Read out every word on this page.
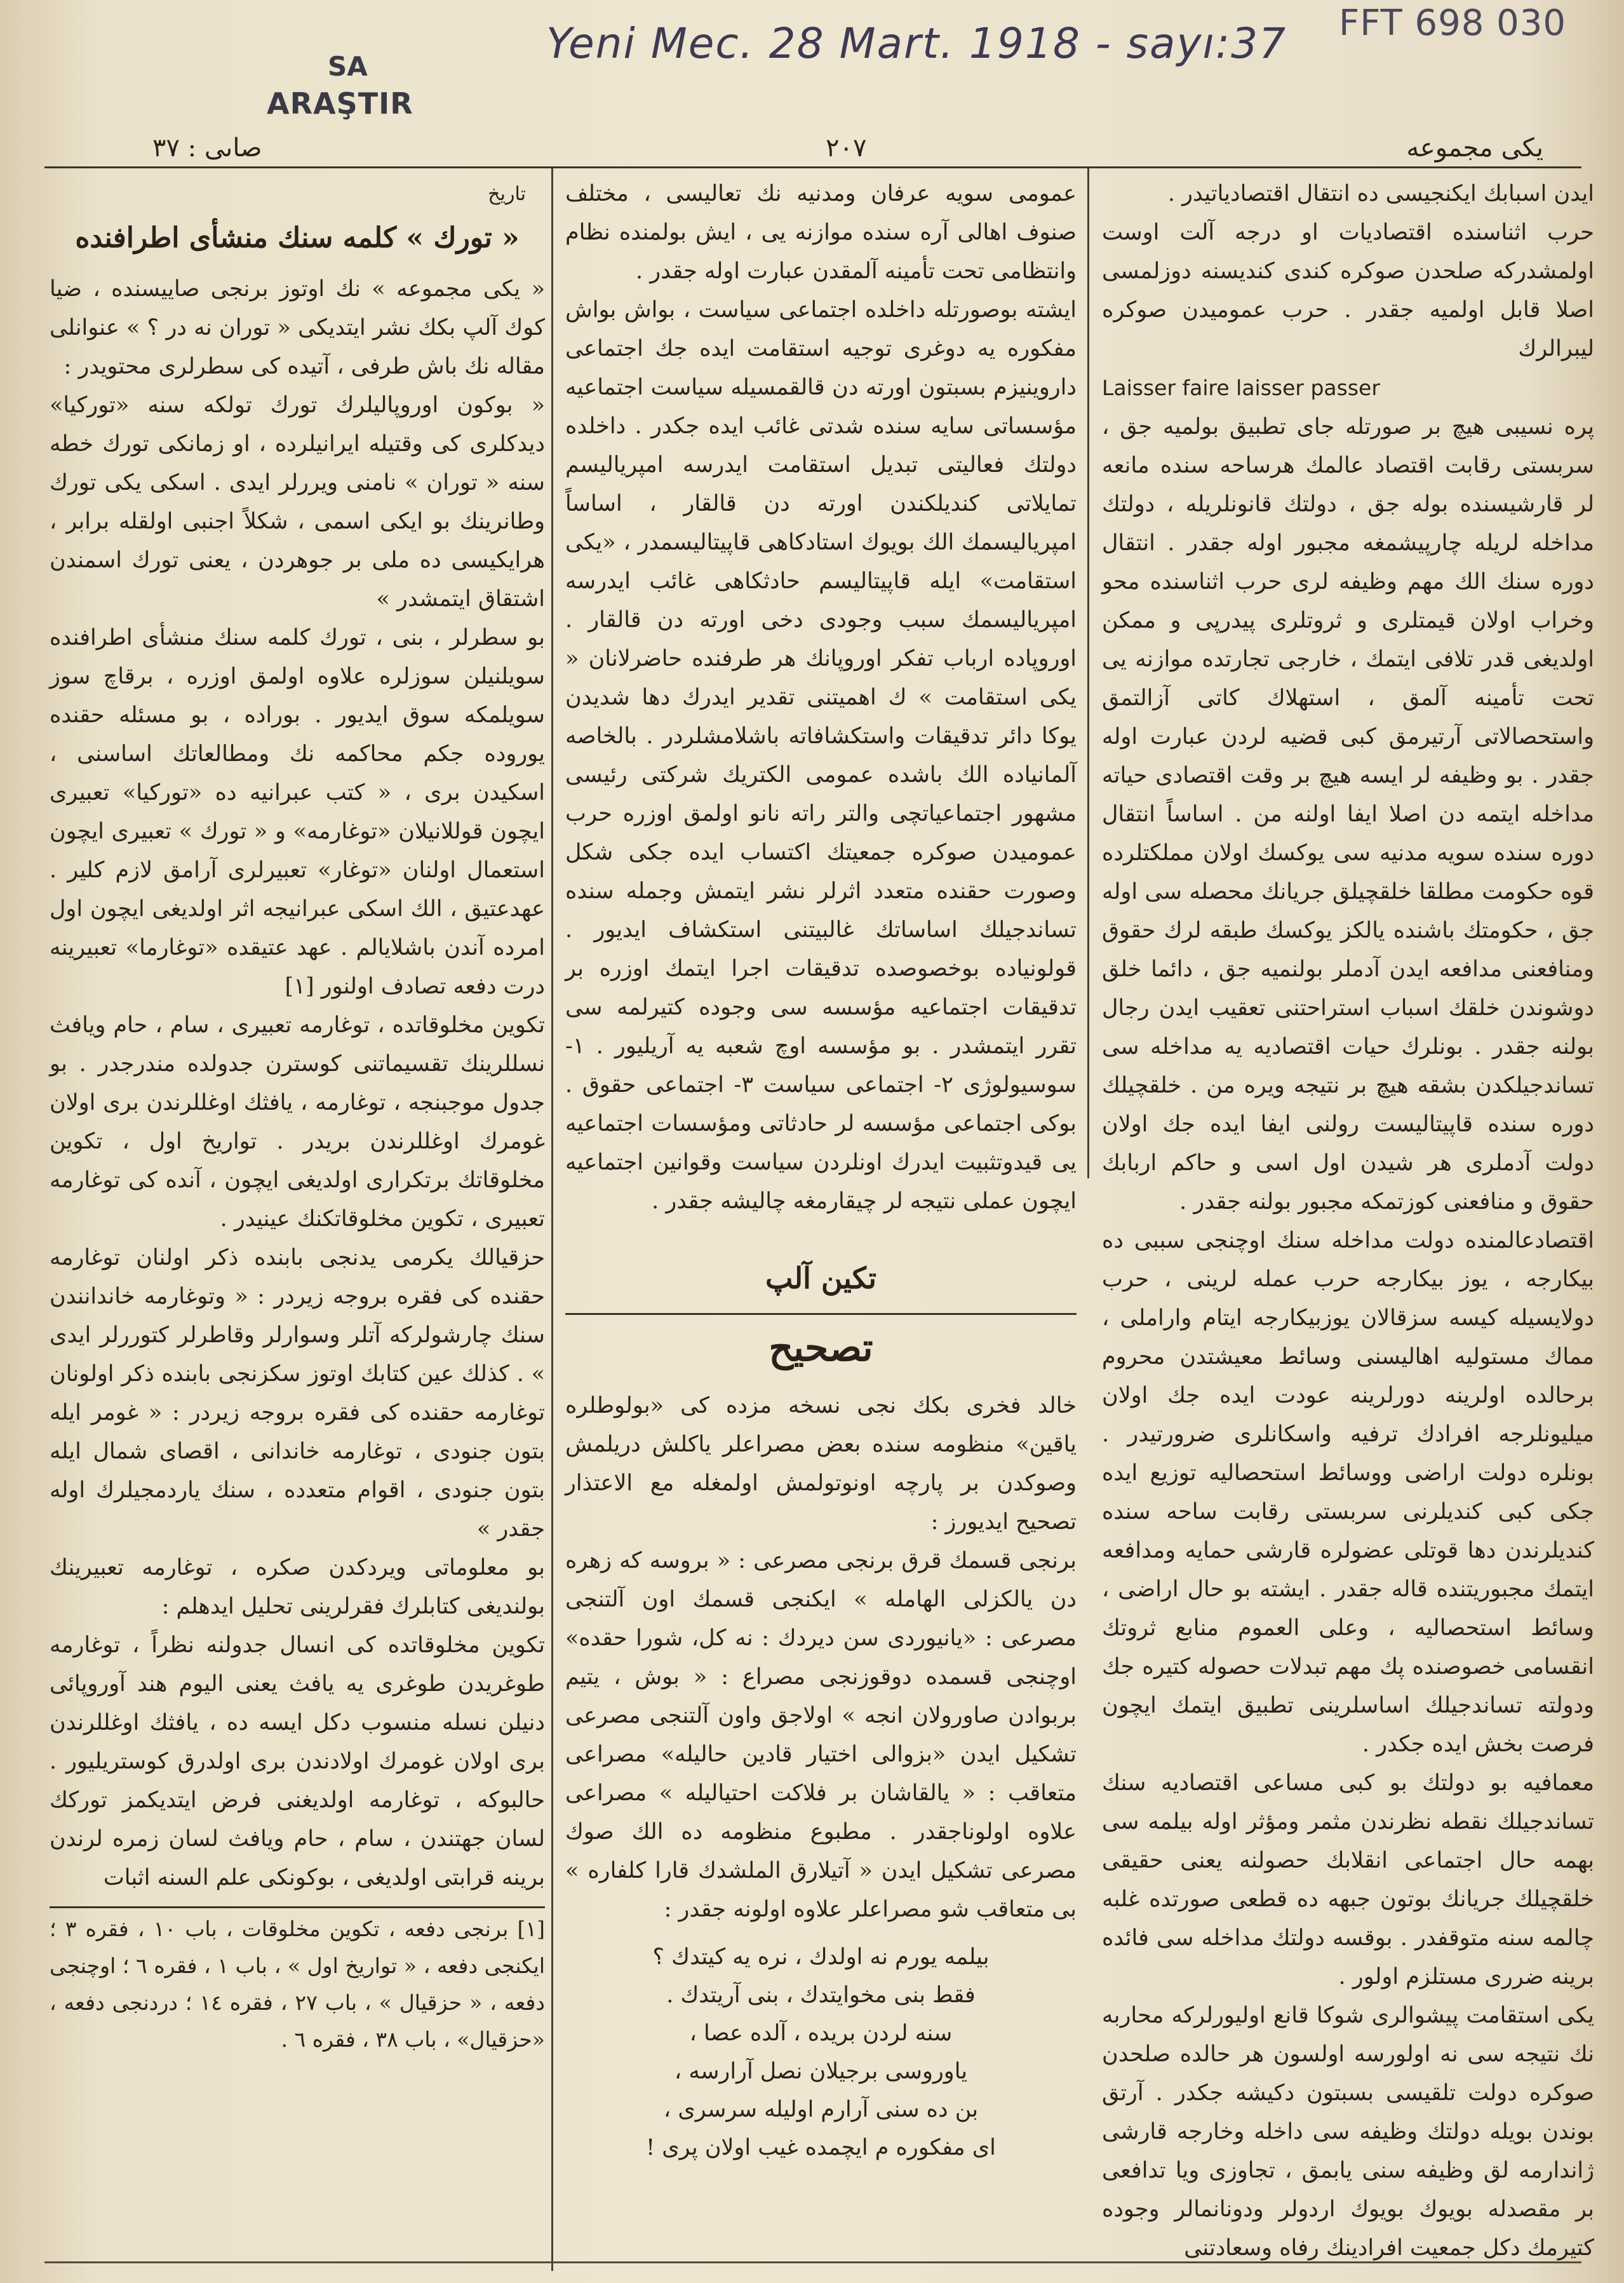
Yeni Mec. 28 Mart. 1918 - sayı:37 FFT 698 030
SA
ARAŞTIR
صاىى : ٣٧	٢٠٧	يكى مجموعه

ايدن اسبابك ايكنجيسى ده انتقال اقتصادياتيدر .

حرب اثناسنده اقتصاديات او درجه آلت اوست اولمشدركه صلحدن صوكره كندى كنديسنه دوزلمسى اصلا قابل اولميه جقدر . حرب عموميدن صوكره ليبرالرك

Laisser faire laisser passer

پره نسيبى هيچ بر صورتله جاى تطبيق بولميه جق ، سربستى رقابت اقتصاد عالمك هرساحه سنده مانعه لر قارشيسنده بوله جق ، دولتك قانونلريله ، دولتك مداخله لريله چارپيشمغه مجبور اوله جقدر . انتقال دوره سنك الك مهم وظيفه لرى حرب اثناسنده محو وخراب اولان قيمتلرى و ثروتلرى پيدرپى و ممكن اولديغى قدر تلافى ايتمك ، خارجى تجارتده موازنه يى تحت تأمينه آلمق ، استهلاك كاتى آزالتمق واستحصالاتى آرتيرمق كبى قضيه لردن عبارت اوله جقدر . بو وظيفه لر ايسه هيچ بر وقت اقتصادى حياته مداخله ايتمه دن اصلا ايفا اولنه من . اساساً انتقال دوره سنده سويه مدنيه سى يوكسك اولان مملكتلرده قوه حكومت مطلقا خلقچيلق جريانك محصله سى اوله جق ، حكومتك باشنده يالكز يوكسك طبقه لرك حقوق ومنافعنى مدافعه ايدن آدملر بولنميه جق ، دائما خلق دوشوندن خلقك اسباب استراحتنى تعقيب ايدن رجال بولنه جقدر . بونلرك حيات اقتصاديه يه مداخله سى تساندجيلكدن بشقه هيچ بر نتيجه ويره من . خلقچيلك دوره سنده قاپيتاليست رولنى ايفا ايده جك اولان دولت آدملرى هر شيدن اول اسى و حاكم اربابك حقوق و منافعنى كوزتمكه مجبور بولنه جقدر .

اقتصادعالمنده دولت مداخله سنك اوچنجى سببى ده بيكارجه ، يوز بيكارجه حرب عمله لرينى ، حرب دولايسيله كيسه سزقالان يوزبيكارجه ايتام واراملى ، مماك مستوليه اهاليسنى وسائط معيشتدن محروم برحالده اولرينه دورلرينه عودت ايده جك اولان ميليونلرجه افرادك ترفيه واسكانلرى ضرورتيدر . بونلره دولت اراضى ووسائط استحصاليه توزيع ايده جكى كبى كنديلرنى سربستى رقابت ساحه سنده كنديلرندن دها قوتلى عضولره قارشى حمايه ومدافعه ايتمك مجبوريتنده قاله جقدر . ايشته بو حال اراضى ، وسائط استحصاليه ، وعلى العموم منابع ثروتك انقسامى خصوصنده پك مهم تبدلات حصوله كتيره جك ودولته تساندجيلك اساسلرينى تطبيق ايتمك ايچون فرصت بخش ايده جكدر .

معمافيه بو دولتك بو كبى مساعى اقتصاديه سنك تساندجيلك نقطه نظرندن مثمر ومؤثر اوله بيلمه سى بهمه حال اجتماعى انقلابك حصولنه يعنى حقيقى خلقچيلك جريانك بوتون جبهه ده قطعى صورتده غلبه چالمه سنه متوقفدر . بوقسه دولتك مداخله سى فائده برينه ضررى مستلزم اولور .

يكى استقامت پيشوالرى شوكا قانع اوليورلركه محاربه نك نتيجه سى نه اولورسه اولسون هر حالده صلحدن صوكره دولت تلقيسى بسبتون دكيشه جكدر . آرتق بوندن بويله دولتك وظيفه سى داخله وخارجه قارشى ژاندارمه لق وظيفه سنى يابمق ، تجاوزى ويا تدافعى بر مقصدله بويوك بويوك اردولر ودونانمالر وجوده كتيرمك دكل جمعيت افرادينك رفاه وسعادتنى

عمومى سويه عرفان ومدنيه نك تعاليسى ، مختلف صنوف اهالى آره سنده موازنه يى ، ايش بولمنده نظام وانتظامى تحت تأمينه آلمقدن عبارت اوله جقدر .

ايشته بوصورتله داخلده اجتماعى سياست ، بواش بواش مفكوره يه دوغرى توجيه استقامت ايده جك اجتماعى داروينيزم بسبتون اورته دن قالقمسيله سياست اجتماعيه مؤسساتى سايه سنده شدتى غائب ايده جكدر . داخلده دولتك فعاليتى تبديل استقامت ايدرسه امپرياليسم تمايلاتى كنديلكندن اورته دن قالقار ، اساساً امپرياليسمك الك بويوك استادكاهى قاپيتاليسمدر ، «يكى استقامت» ايله قاپيتاليسم حادثكاهى غائب ايدرسه امپرياليسمك سبب وجودى دخى اورته دن قالقار . اوروپاده ارباب تفكر اوروپانك هر طرفنده حاضرلانان « يكى استقامت » ك اهميتنى تقدير ايدرك دها شديدن يوكا دائر تدقيقات واستكشافاته باشلامشلردر . بالخاصه آلمانياده الك باشده عمومى الكتريك شركتى رئيسى مشهور اجتماعياتچى والتر راته نانو اولمق اوزره حرب عموميدن صوكره جمعيتك اكتساب ايده جكى شكل وصورت حقنده متعدد اثرلر نشر ايتمش وجمله سنده تساندجيلك اساساتك غالبيتنى استكشاف ايديور . قولونياده بوخصوصده تدقيقات اجرا ايتمك اوزره بر تدقيقات اجتماعيه مؤسسه سى وجوده كتيرلمه سى تقرر ايتمشدر . بو مؤسسه اوچ شعبه يه آريليور . ١- سوسيولوژى ٢- اجتماعى سياست ٣- اجتماعى حقوق . بوكى اجتماعى مؤسسه لر حادثاتى ومؤسسات اجتماعيه يى قيدوتثبيت ايدرك اونلردن سياست وقوانين اجتماعيه ايچون عملى نتيجه لر چيقارمغه چاليشه جقدر .

تكين آلپ
تصحيح

خالد فخرى بكك نجى نسخه مزده كى «بولوطلره ياقين» منظومه سنده بعض مصراعلر ياكلش دريلمش وصوكدن بر پارچه اونوتولمش اولمغله مع الاعتذار تصحيح ايديورز :

برنجى قسمك قرق برنجى مصرعى : « بروسه كه زهره دن يالكزلى الهامله » ايكنجى قسمك اون آلتنجى مصرعى : «يانيوردى سن ديردك : نه كل، شورا حقده» اوچنجى قسمده دوقوزنجى مصراع : « بوش ، يتيم بربوادن صاورولان انجه » اولاجق واون آلتنجى مصرعى تشكيل ايدن «بزوالى اختيار قادين حاليله» مصراعى متعاقب : « يالقاشان بر فلاكت احتياليله » مصراعى علاوه اولوناجقدر . مطبوع منظومه ده الك صوك مصرعى تشكيل ايدن « آتيلارق الملشدك قارا كلفاره » بى متعاقب شو مصراعلر علاوه اولونه جقدر :

بيلمه يورم نه اولدك ، نره يه كيتدك ؟
فقط بنى مخوايتدك ، بنى آريتدك .
سنه لردن بريده ، آلده عصا ،
ياوروسى برجيلان نصل آرارسه ،
بن ده سنى آرارم اوليله سرسرى ،
اى مفكوره م ايچمده غيب اولان پرى !
تاريخ
« تورك » كلمه سنك منشأى اطرافنده

« يكى مجموعه » نك اوتوز برنجى صاييسنده ، ضيا كوك آلپ بكك نشر ايتديكى « توران نه در ؟ » عنوانلى مقاله نك باش طرفى ، آتيده كى سطرلرى محتويدر :

« بوكون اوروپاليلرك تورك تولكه سنه «توركيا» ديدكلرى كى وقتيله ايرانيلرده ، او زمانكى تورك خطه سنه « توران » نامنى ويررلر ايدى . اسكى يكى تورك وطانرينك بو ايكى اسمى ، شكلاً اجنبى اولقله برابر ، هرايكيسى ده ملى بر جوهردن ، يعنى تورك اسمندن اشتقاق ايتمشدر »

بو سطرلر ، بنى ، تورك كلمه سنك منشأى اطرافنده سويلنيلن سوزلره علاوه اولمق اوزره ، برقاچ سوز سويلمكه سوق ايديور . بوراده ، بو مسئله حقنده يوروده جكم محاكمه نك ومطالعاتك اساسنى ، اسكيدن برى ، « كتب عبرانيه ده «توركيا» تعبيرى ايچون قوللانيلان «توغارمه» و « تورك » تعبيرى ايچون استعمال اولنان «توغار» تعبيرلرى آرامق لازم كلير . عهدعتيق ، الك اسكى عبرانيجه اثر اولديغى ايچون اول امرده آندن باشلايالم . عهد عتيقده «توغارما» تعبيرينه درت دفعه تصادف اولنور [١]

تكوين مخلوقاتده ، توغارمه تعبيرى ، سام ، حام ويافث نسللرينك تقسيماتنى كوسترن جدولده مندرجدر . بو جدول موجبنجه ، توغارمه ، يافثك اوغللرندن برى اولان غومرك اوغللرندن بريدر . تواريخ اول ، تكوين مخلوقاتك برتكرارى اولديغى ايچون ، آنده كى توغارمه تعبيرى ، تكوين مخلوقاتكنك عينيدر .

حزقيالك يكرمى يدنجى بابنده ذكر اولنان توغارمه حقنده كى فقره بروجه زيردر : « وتوغارمه خاندانندن سنك چارشولركه آتلر وسوارلر وقاطرلر كتوررلر ايدى » . كذلك عين كتابك اوتوز سكزنجى بابنده ذكر اولونان توغارمه حقنده كى فقره بروجه زيردر : « غومر ايله بتون جنودى ، توغارمه خاندانى ، اقصاى شمال ايله بتون جنودى ، اقوام متعدده ، سنك ياردمجيلرك اوله جقدر »

بو معلوماتى ويردكدن صكره ، توغارمه تعبيرينك بولنديغى كتابلرك فقرلرينى تحليل ايدهلم :

تكوين مخلوقاتده كى انسال جدولنه نظراً ، توغارمه طوغريدن طوغرى يه يافث يعنى اليوم هند آوروپائى دنيلن نسله منسوب دكل ايسه ده ، يافثك اوغللرندن برى اولان غومرك اولادندن برى اولدرق كوستريليور . حالبوكه ، توغارمه اولديغنى فرض ايتديكمز توركك لسان جهتندن ، سام ، حام ويافث لسان زمره لرندن برينه قرابتى اولديغى ، بوكونكى علم السنه اثبات

[١] برنجى دفعه ، تكوين مخلوقات ، باب ١٠ ، فقره ٣ ؛ ايكنجى دفعه ، « تواريخ اول » ، باب ١ ، فقره ٦ ؛ اوچنجى دفعه ، « حزقيال » ، باب ٢٧ ، فقره ١٤ ؛ دردنجى دفعه ، «حزقيال» ، باب ٣٨ ، فقره ٦ .
